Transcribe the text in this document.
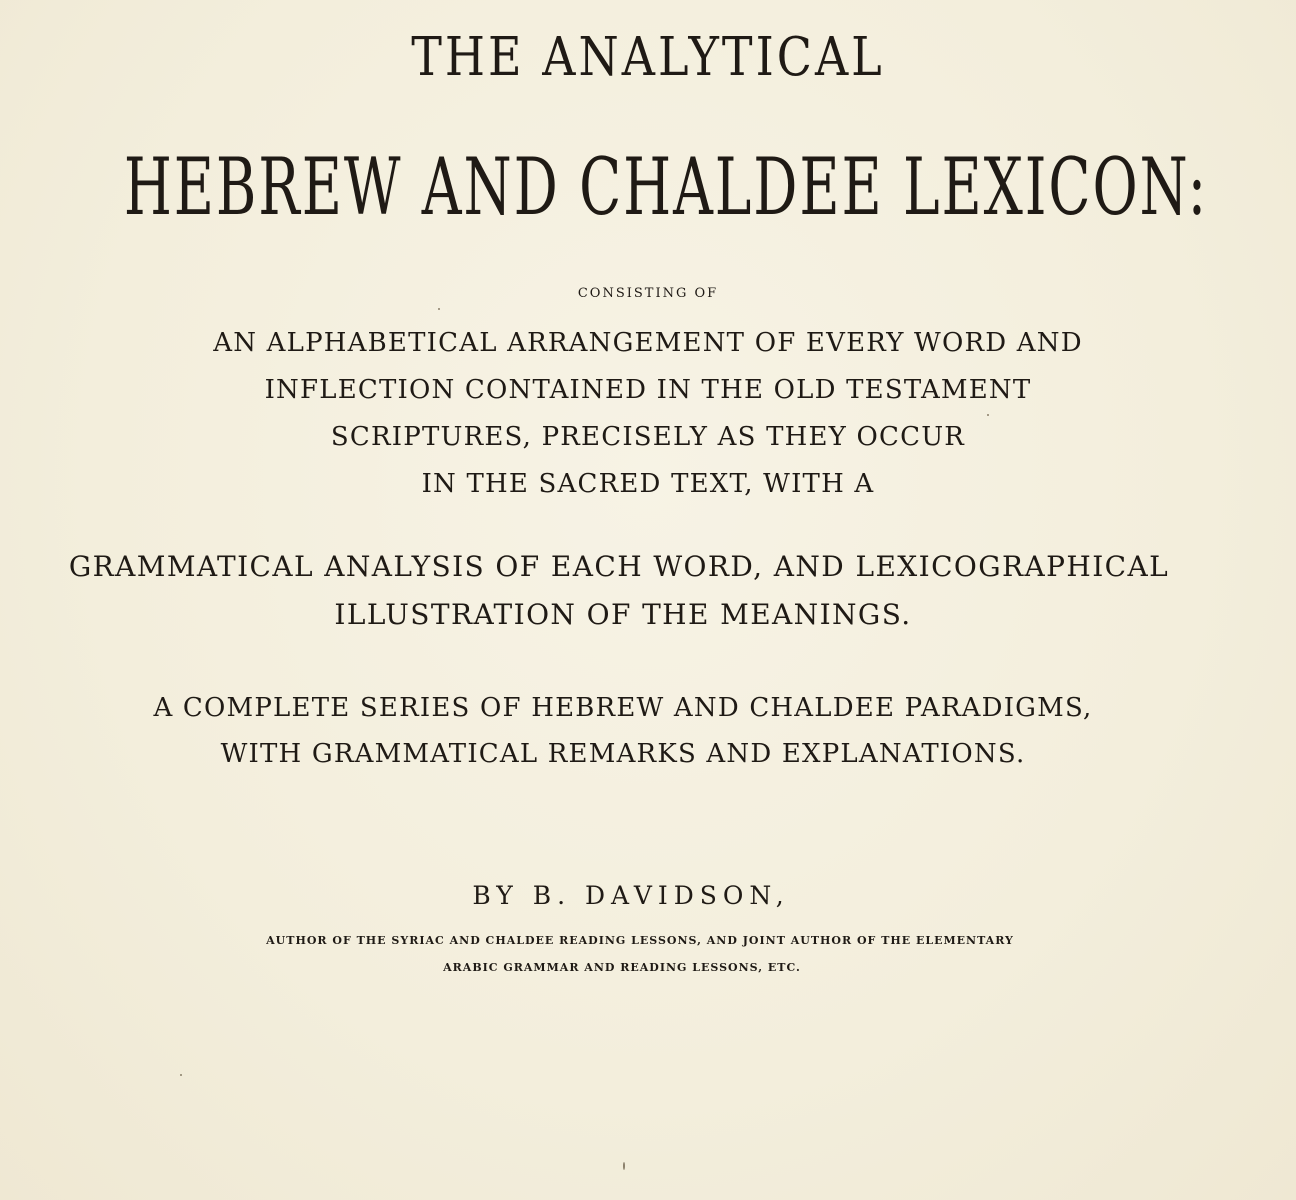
THE ANALYTICAL
HEBREW AND CHALDEE LEXICON:
CONSISTING OF
AN ALPHABETICAL ARRANGEMENT OF EVERY WORD AND
INFLECTION CONTAINED IN THE OLD TESTAMENT
SCRIPTURES, PRECISELY AS THEY OCCUR
IN THE SACRED TEXT, WITH A
GRAMMATICAL ANALYSIS OF EACH WORD, AND LEXICOGRAPHICAL
ILLUSTRATION OF THE MEANINGS.
A COMPLETE SERIES OF HEBREW AND CHALDEE PARADIGMS,
WITH GRAMMATICAL REMARKS AND EXPLANATIONS.
BY B. DAVIDSON,
AUTHOR OF THE SYRIAC AND CHALDEE READING LESSONS, AND JOINT AUTHOR OF THE ELEMENTARY
ARABIC GRAMMAR AND READING LESSONS, ETC.
